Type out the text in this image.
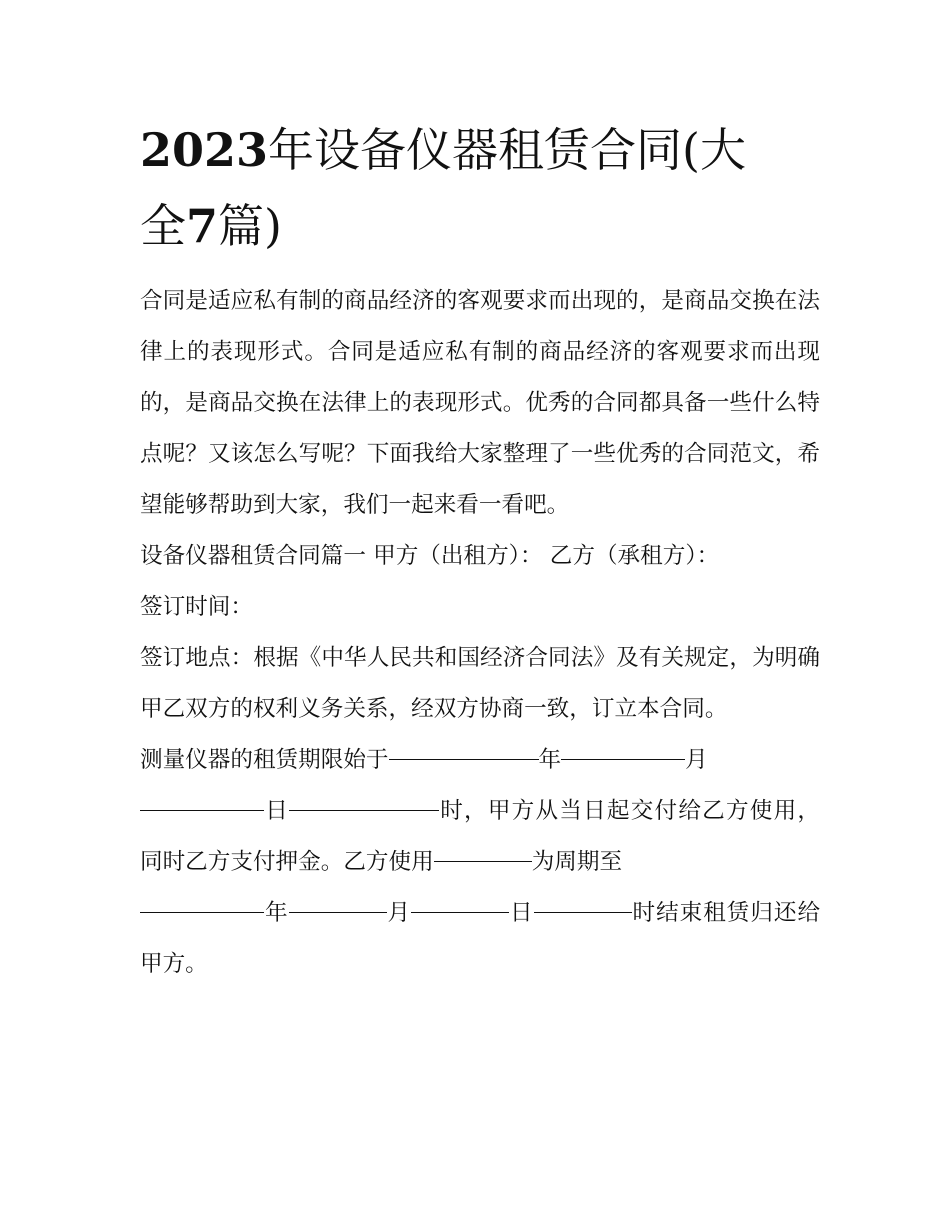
2023年设备仪器租赁合同(大
全7篇)

合同是适应私有制的商品经济的客观要求而出现的，是商品交换在法律上的表现形式。合同是适应私有制的商品经济的客观要求而出现的，是商品交换在法律上的表现形式。优秀的合同都具备一些什么特点呢？又该怎么写呢？下面我给大家整理了一些优秀的合同范文，希望能够帮助到大家，我们一起来看一看吧。

设备仪器租赁合同篇一 甲方（出租方）： 乙方（承租方）：

签订时间：

签订地点：根据《中华人民共和国经济合同法》及有关规定，为明确甲乙双方的权利义务关系，经双方协商一致，订立本合同。

测量仪器的租赁期限始于	年	月
日	时，甲方从当日起交付给乙方使用，同时乙方支付押金。乙方使用	为周期至
年	月	日	时结束租赁归还给甲方。
